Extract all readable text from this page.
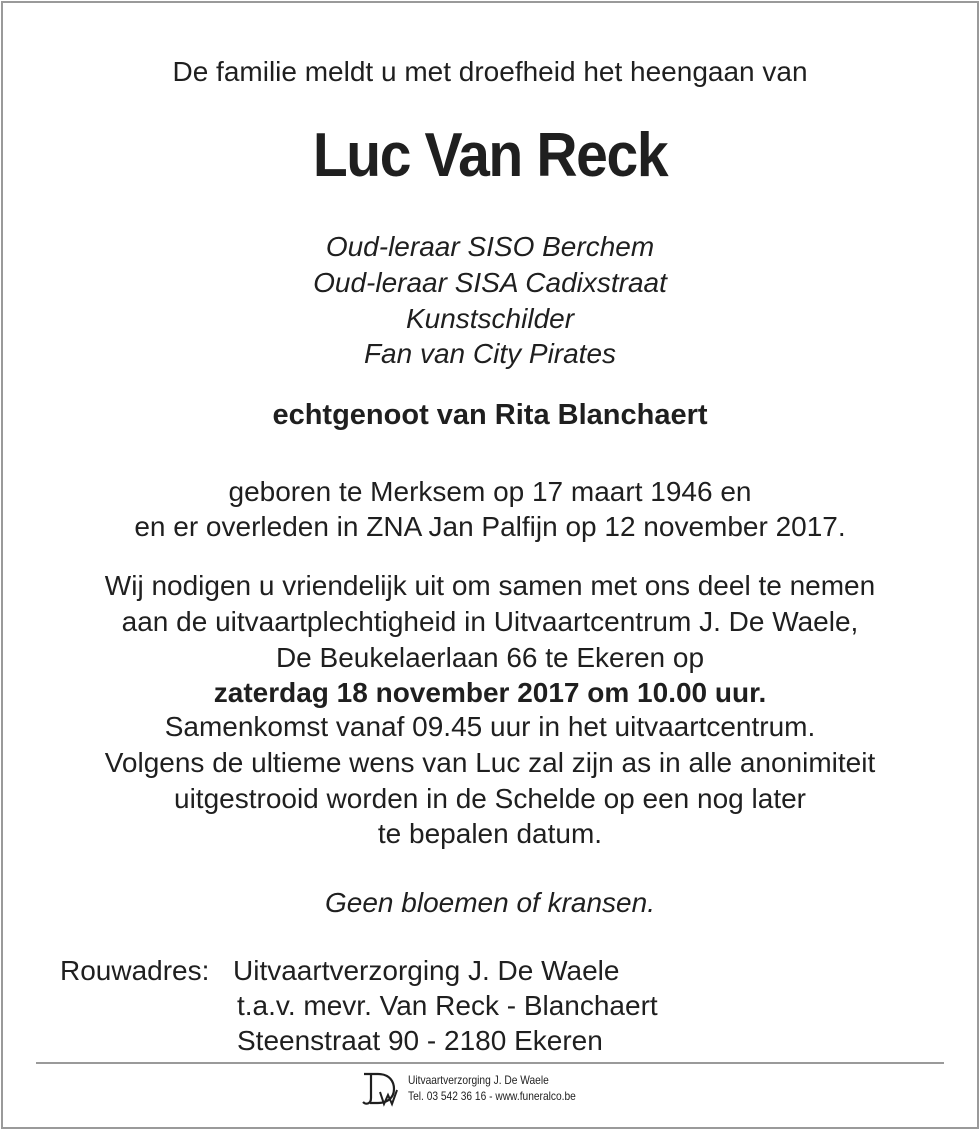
De familie meldt u met droefheid het heengaan van
Luc Van Reck
Oud-leraar SISO Berchem
Oud-leraar SISA Cadixstraat
Kunstschilder
Fan van City Pirates
echtgenoot van Rita Blanchaert
geboren te Merksem op 17 maart 1946 en
en er overleden in ZNA Jan Palfijn op 12 november 2017.
Wij nodigen u vriendelijk uit om samen met ons deel te nemen
aan de uitvaartplechtigheid in Uitvaartcentrum J. De Waele,
De Beukelaerlaan 66 te Ekeren op
zaterdag 18 november 2017 om 10.00 uur.
Samenkomst vanaf 09.45 uur in het uitvaartcentrum.
Volgens de ultieme wens van Luc zal zijn as in alle anonimiteit
uitgestrooid worden in de Schelde op een nog later
te bepalen datum.
Geen bloemen of kransen.
Rouwadres: Uitvaartverzorging J. De Waele
t.a.v. mevr. Van Reck - Blanchaert
Steenstraat 90 - 2180 Ekeren
Uitvaartverzorging J. De Waele
Tel. 03 542 36 16 - www.funeralco.be
